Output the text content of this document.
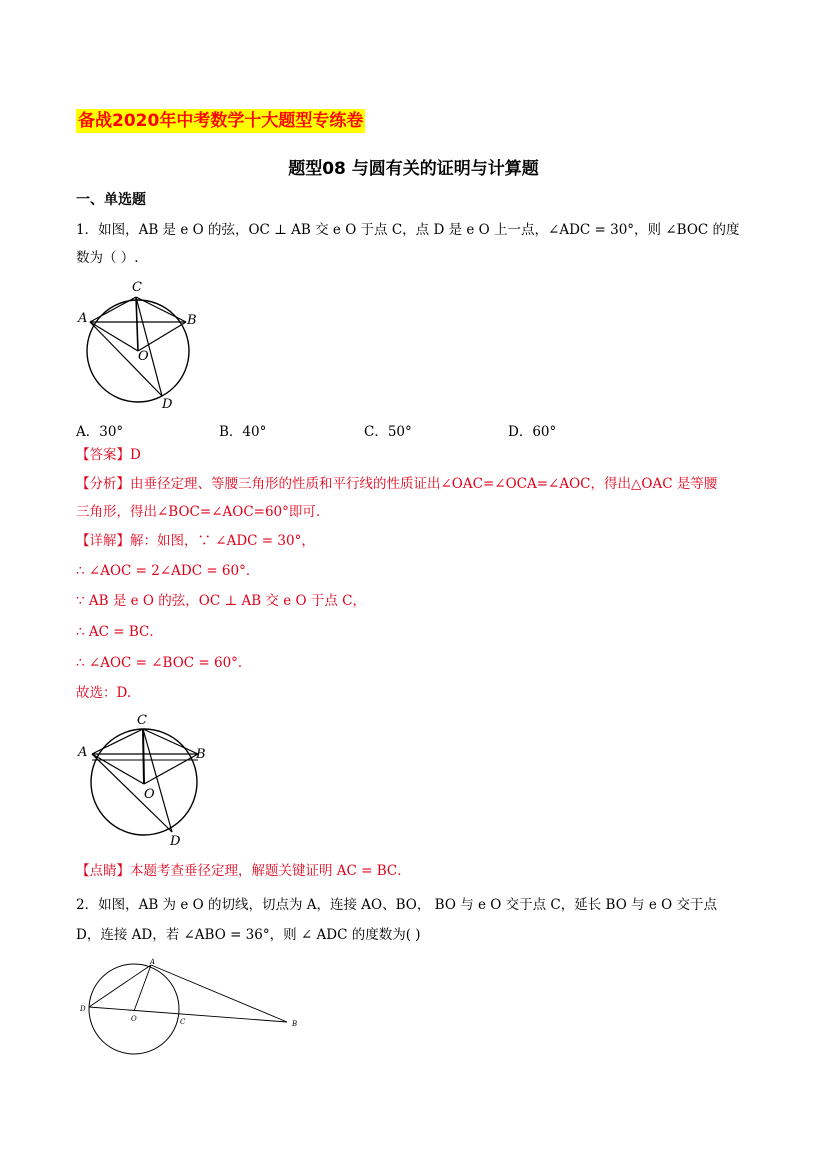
备战2020年中考数学十大题型专练卷
题型08 与圆有关的证明与计算题
一、单选题
1．如图，AB 是 e O 的弦，OC ⊥ AB 交 e O 于点 C，点 D 是 e O 上一点，∠ADC = 30°，则 ∠BOC 的度
数为（ ）.
C
A	B
O
D
A．30°	B．40°	C．50°	D．60°
【答案】D
【分析】由垂径定理、等腰三角形的性质和平行线的性质证出∠OAC=∠OCA=∠AOC，得出△OAC 是等腰
三角形，得出∠BOC=∠AOC=60°即可.
【详解】解：如图，∵ ∠ADC = 30°，
∴ ∠AOC = 2∠ADC = 60°．
∵ AB 是 e O 的弦，OC ⊥ AB 交 e O 于点 C，
∴ AC = BC．
∴ ∠AOC = ∠BOC = 60°．
故选：D.
C
A	B
O
D
【点睛】本题考查垂径定理，解题关键证明 AC = BC．
2．如图，AB 为 e O 的切线，切点为 A，连接 AO、BO， BO 与 e O 交于点 C，延长 BO 与 e O 交于点
D，连接 AD，若 ∠ABO = 36°，则 ∠ ADC 的度数为( )
A
D
O	C	B
